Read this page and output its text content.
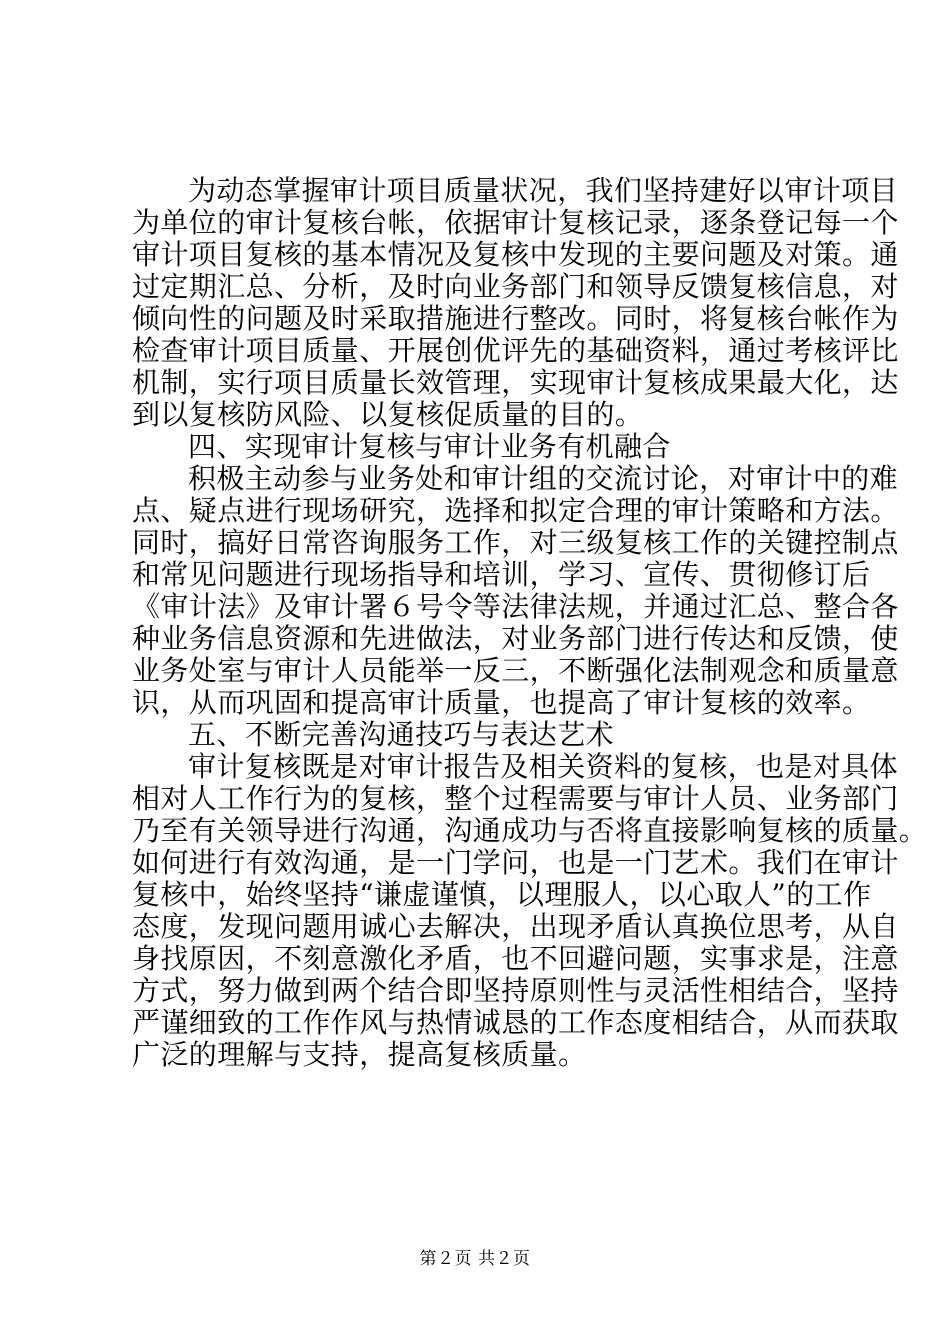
为动态掌握审计项目质量状况，我们坚持建好以审计项目
为单位的审计复核台帐，依据审计复核记录，逐条登记每一个
审计项目复核的基本情况及复核中发现的主要问题及对策。通
过定期汇总、分析，及时向业务部门和领导反馈复核信息，对
倾向性的问题及时采取措施进行整改。同时，将复核台帐作为
检查审计项目质量、开展创优评先的基础资料，通过考核评比
机制，实行项目质量长效管理，实现审计复核成果最大化，达
到以复核防风险、以复核促质量的目的。
四、实现审计复核与审计业务有机融合
积极主动参与业务处和审计组的交流讨论，对审计中的难
点、疑点进行现场研究，选择和拟定合理的审计策略和方法。
同时，搞好日常咨询服务工作，对三级复核工作的关键控制点
和常见问题进行现场指导和培训，学习、宣传、贯彻修订后
《审计法》及审计署６号令等法律法规，并通过汇总、整合各
种业务信息资源和先进做法，对业务部门进行传达和反馈，使
业务处室与审计人员能举一反三，不断强化法制观念和质量意
识，从而巩固和提高审计质量，也提高了审计复核的效率。
五、不断完善沟通技巧与表达艺术
审计复核既是对审计报告及相关资料的复核，也是对具体
相对人工作行为的复核，整个过程需要与审计人员、业务部门
乃至有关领导进行沟通，沟通成功与否将直接影响复核的质量。
如何进行有效沟通，是一门学问，也是一门艺术。我们在审计
复核中，始终坚持“谦虚谨慎，以理服人，以心取人”的工作
态度，发现问题用诚心去解决，出现矛盾认真换位思考，从自
身找原因，不刻意激化矛盾，也不回避问题，实事求是，注意
方式，努力做到两个结合即坚持原则性与灵活性相结合，坚持
严谨细致的工作作风与热情诚恳的工作态度相结合，从而获取
广泛的理解与支持，提高复核质量。
第２页 共２页
